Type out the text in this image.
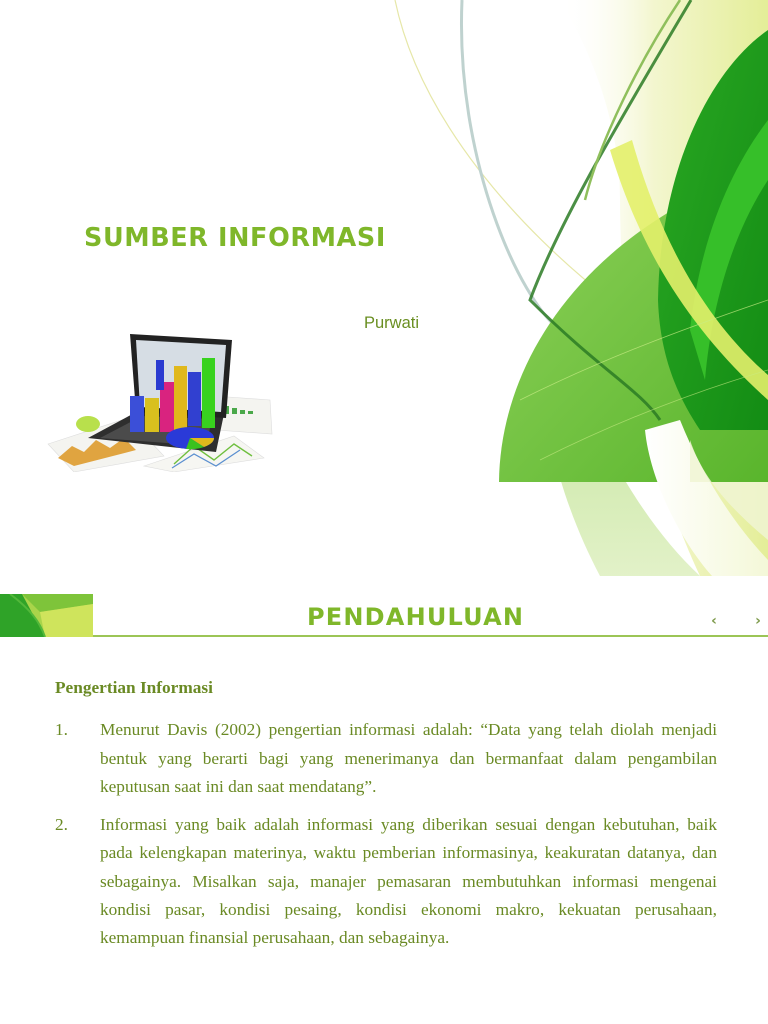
SUMBER INFORMASI
Purwati
PENDAHULUAN	‹	›

Pengertian Informasi

1.	Menurut Davis (2002) pengertian informasi adalah: “Data yang telah diolah menjadi bentuk yang berarti bagi yang menerimanya dan bermanfaat dalam pengambilan keputusan saat ini dan saat mendatang”.
2.	Informasi yang baik adalah informasi yang diberikan sesuai dengan kebutuhan, baik pada kelengkapan materinya, waktu pemberian informasinya, keakuratan datanya, dan sebagainya. Misalkan saja, manajer pemasaran membutuhkan informasi mengenai kondisi pasar, kondisi pesaing, kondisi ekonomi makro, kekuatan perusahaan, kemampuan finansial perusahaan, dan sebagainya.
